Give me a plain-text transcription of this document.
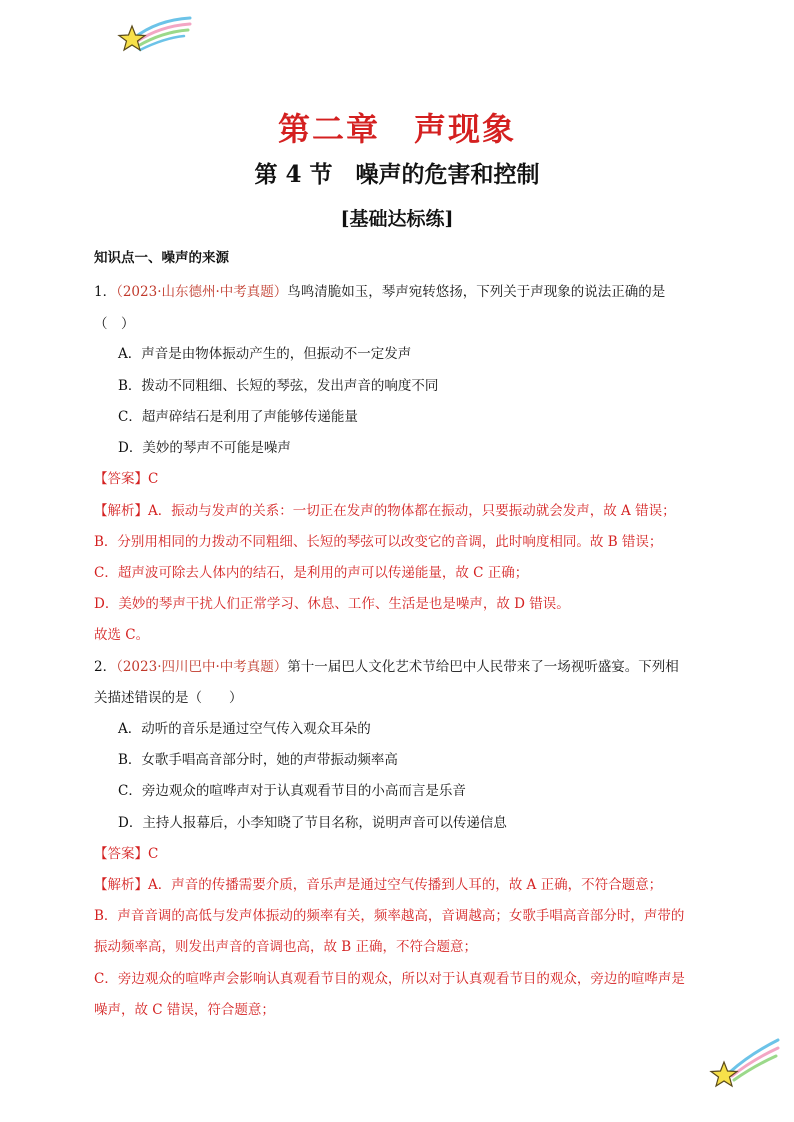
第二章　声现象
第 4 节　噪声的危害和控制
[基础达标练]
知识点一、噪声的来源
1．（2023·山东德州·中考真题）鸟鸣清脆如玉，琴声宛转悠扬，下列关于声现象的说法正确的是
（　）
A．声音是由物体振动产生的，但振动不一定发声
B．拨动不同粗细、长短的琴弦，发出声音的响度不同
C．超声碎结石是利用了声能够传递能量
D．美妙的琴声不可能是噪声
【答案】C
【解析】A．振动与发声的关系：一切正在发声的物体都在振动，只要振动就会发声，故 A 错误；
B．分别用相同的力拨动不同粗细、长短的琴弦可以改变它的音调，此时响度相同。故 B 错误；
C．超声波可除去人体内的结石，是利用的声可以传递能量，故 C 正确；
D．美妙的琴声干扰人们正常学习、休息、工作、生活是也是噪声，故 D 错误。
故选 C。
2．（2023·四川巴中·中考真题）第十一届巴人文化艺术节给巴中人民带来了一场视听盛宴。下列相
关描述错误的是（　　）
A．动听的音乐是通过空气传入观众耳朵的
B．女歌手唱高音部分时，她的声带振动频率高
C．旁边观众的喧哗声对于认真观看节目的小高而言是乐音
D．主持人报幕后，小李知晓了节目名称，说明声音可以传递信息
【答案】C
【解析】A．声音的传播需要介质，音乐声是通过空气传播到人耳的，故 A 正确，不符合题意；
B．声音音调的高低与发声体振动的频率有关，频率越高，音调越高；女歌手唱高音部分时，声带的
振动频率高，则发出声音的音调也高，故 B 正确，不符合题意；
C．旁边观众的喧哗声会影响认真观看节目的观众，所以对于认真观看节目的观众，旁边的喧哗声是
噪声，故 C 错误，符合题意；
